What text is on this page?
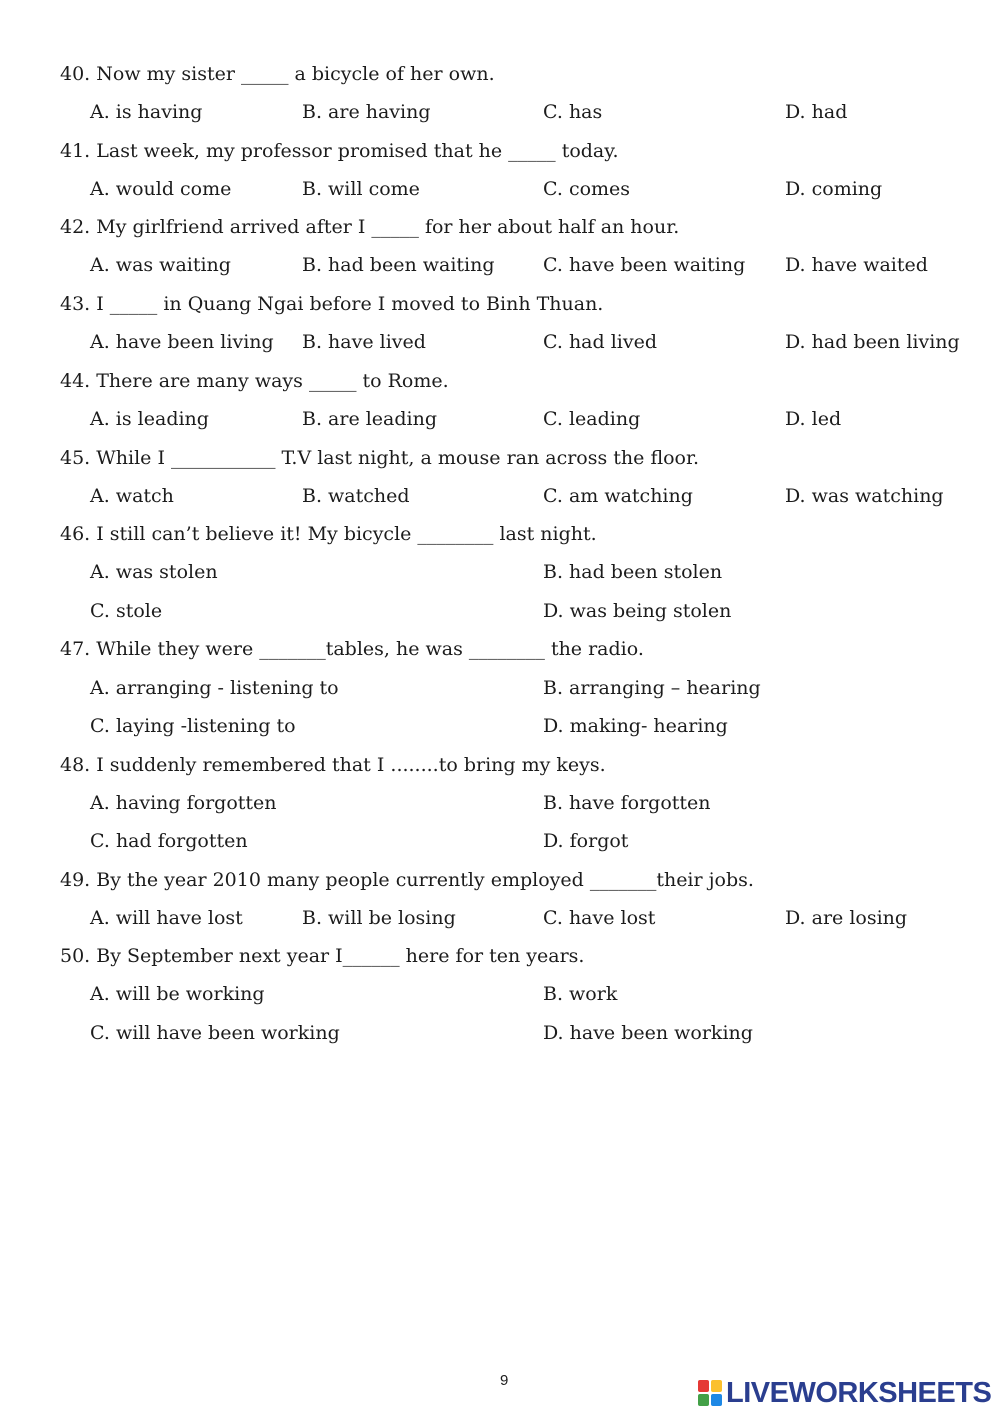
40. Now my sister _____ a bicycle of her own.
A. is having	B. are having	C. has	D. had
41. Last week, my professor promised that he _____ today.
A. would come	B. will come	C. comes	D. coming
42. My girlfriend arrived after I _____ for her about half an hour.
A. was waiting	B. had been waiting	C. have been waiting D. have waited
43. I _____ in Quang Ngai before I moved to Binh Thuan.
A. have been living B. have lived	C. had lived	D. had been living
44. There are many ways _____ to Rome.
A. is leading	B. are leading	C. leading	D. led
45. While I ___________ T.V last night, a mouse ran across the floor.
A. watch	B. watched	C. am watching	D. was watching
46. I still can’t believe it! My bicycle ________ last night.
A. was stolen	B. had been stolen
C. stole	D. was being stolen
47. While they were _______tables, he was ________ the radio.
A. arranging - listening to	B. arranging – hearing
C. laying -listening to	D. making- hearing
48. I suddenly remembered that I ........to bring my keys.
A. having forgotten	B. have forgotten
C. had forgotten	D. forgot
49. By the year 2010 many people currently employed _______their jobs.
A. will have lost	B. will be losing	C. have lost	D. are losing
50. By September next year I______ here for ten years.
A. will be working	B. work
C. will have been working	D. have been working
9	LIVEWORKSHEETS
